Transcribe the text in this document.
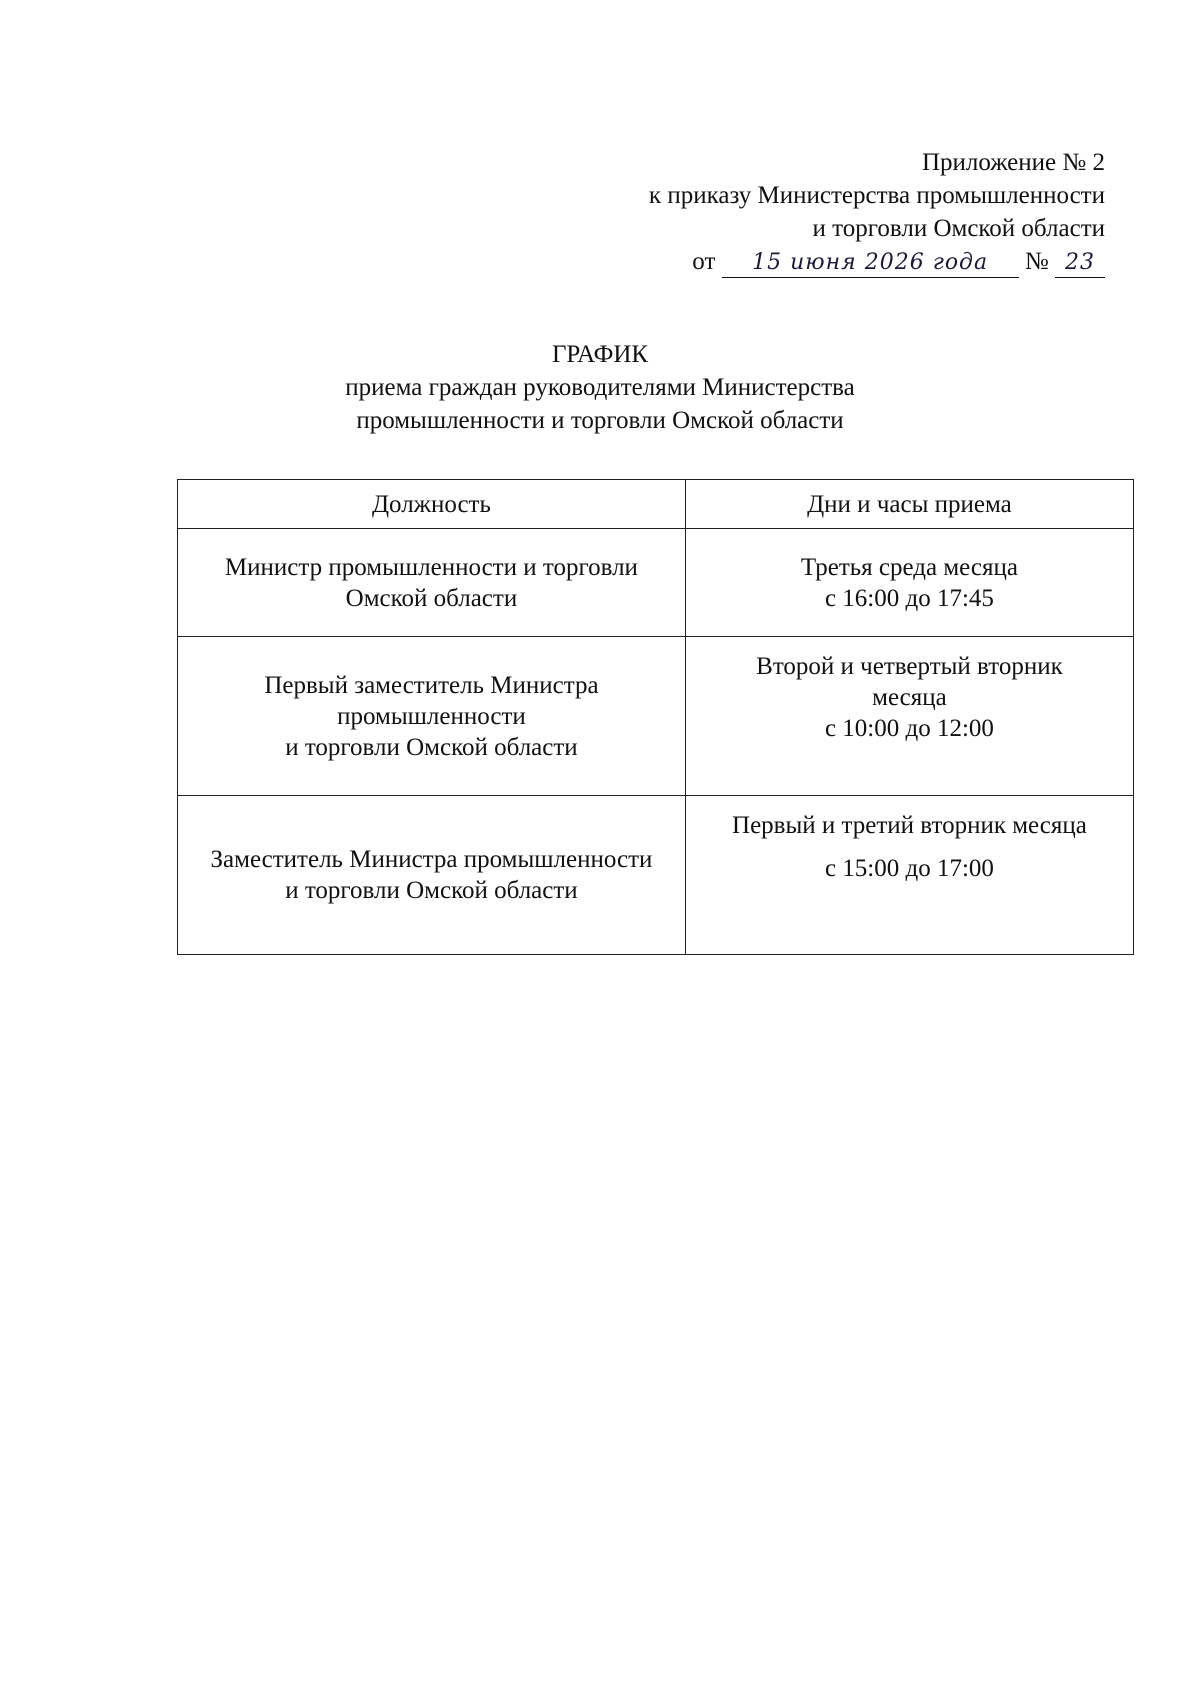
Приложение № 2
к приказу Министерства промышленности
и торговли Омской области
от 15 июня 2026 года № 23
ГРАФИК
приема граждан руководителями Министерства
промышленности и торговли Омской области
Должность	Дни и часы приема

Министр промышленности и торговли
Омской области	Третья среда месяца
с 16:00 до 17:45

Первый заместитель Министра
промышленности
и торговли Омской области	Второй и четвертый вторник
месяца
с 10:00 до 12:00

Заместитель Министра промышленности
и торговли Омской области	Первый и третий вторник месяца
с 15:00 до 17:00
